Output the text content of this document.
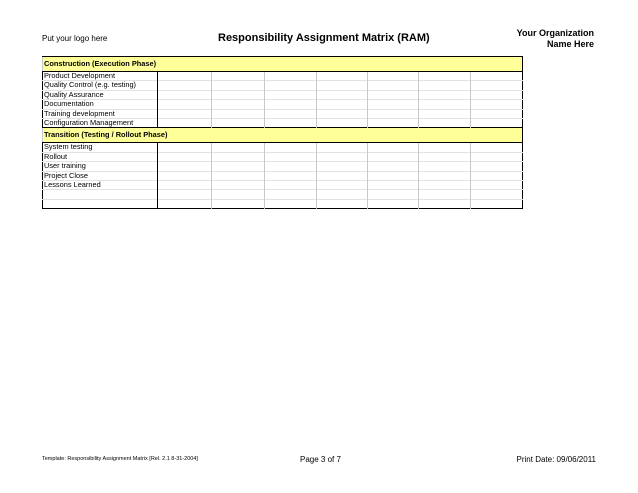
Put your logo here	Responsibility Assignment Matrix (RAM)	Your Organization
Name Here
Construction (Execution Phase)							
Product Development							
Quality Control (e.g. testing)							
Quality Assurance							
Documentation							
Training development							
Configuration Management							
Transition (Testing / Rollout Phase)							
System testing							
Rollout							
User training							
Project Close							
Lessons Learned							

Template: Responsibility Assignment Matrix [Rel. 2.1 8-31-2004]	Page 3 of 7	Print Date: 09/06/2011
